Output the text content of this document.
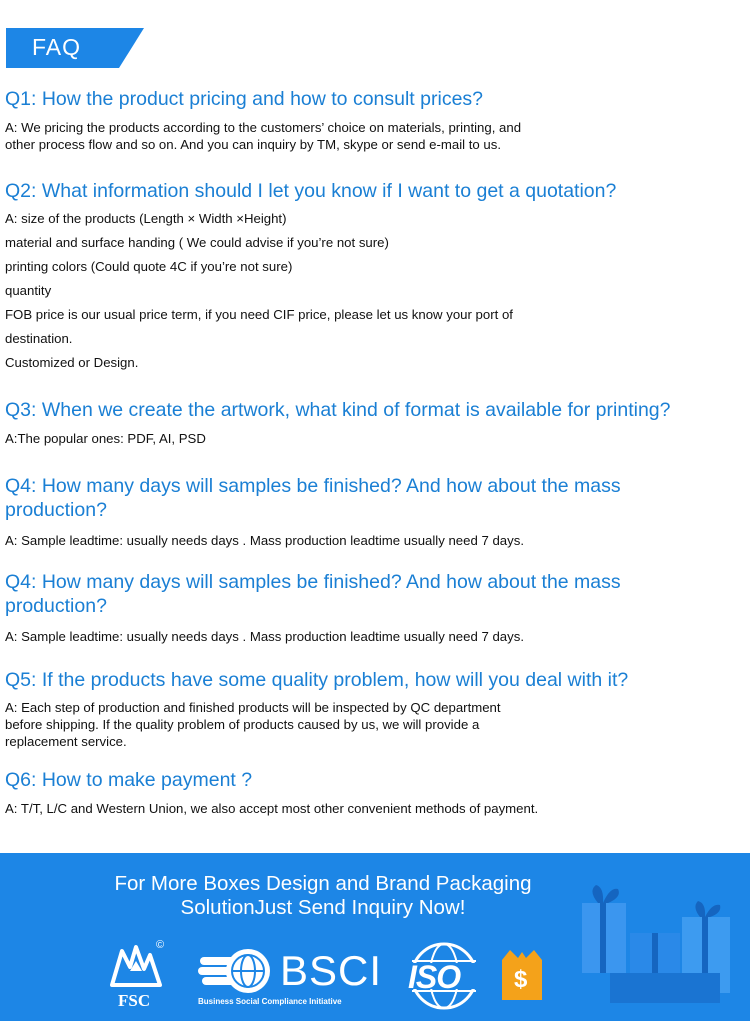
FAQ
Q1: How the product pricing and how to consult prices?

A: We pricing the products according to the customers’ choice on materials, printing, and
other process flow and so on. And you can inquiry by TM, skype or send e-mail to us.

Q2: What information should I let you know if I want to get a quotation?

A: size of the products (Length × Width ×Height)
material and surface handing ( We could advise if you’re not sure)
printing colors (Could quote 4C if you’re not sure)
quantity
FOB price is our usual price term, if you need CIF price, please let us know your port of
destination.
Customized or Design.

Q3: When we create the artwork, what kind of format is available for printing?

A:The popular ones: PDF, AI, PSD

Q4: How many days will samples be finished? And how about the mass
production?

A: Sample leadtime: usually needs days . Mass production leadtime usually need 7 days.

Q4: How many days will samples be finished? And how about the mass
production?

A: Sample leadtime: usually needs days . Mass production leadtime usually need 7 days.

Q5: If the products have some quality problem, how will you deal with it?

A: Each step of production and finished products will be inspected by QC department
before shipping. If the quality problem of products caused by us, we will provide a
replacement service.

Q6: How to make payment ?

A: T/T, L/C and Western Union, we also accept most other convenient methods of payment.

For More Boxes Design and Brand Packaging
SolutionJust Send Inquiry Now!
©
FSC
BSCI
Business Social Compliance Initiative
ISO $
